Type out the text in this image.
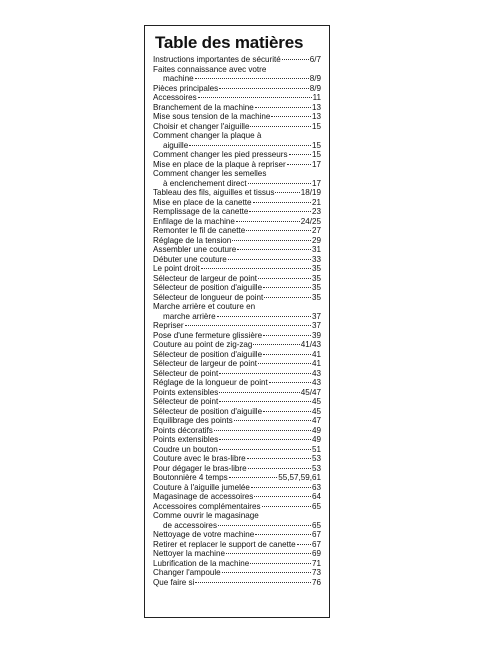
Table des matières
Instructions importantes de sécurité	6/7
Faites connaissance avec votre
machine	8/9
Pièces principales	8/9
Accessoires	11
Branchement de la machine	13
Mise sous tension de la machine	13
Choisir et changer l'aiguille	15
Comment changer la plaque à
aiguille	15
Comment changer les pied presseurs	15
Mise en place de la plaque à repriser	17
Comment changer les semelles
à enclenchement direct	17
Tableau des fils, aiguilles et tissus	18/19
Mise en place de la canette	21
Remplissage de la canette	23
Enfilage de la machine	24/25
Remonter le fil de canette	27
Réglage de la tension	29
Assembler une couture	31
Débuter une couture	33
Le point droit	35
Sélecteur de largeur de point	35
Sélecteur de position d'aiguille	35
Sélecteur de longueur de point	35
Marche arrière et couture en
marche arrière	37
Repriser	37
Pose d'une fermeture glissière	39
Couture au point de zig-zag	41/43
Sélecteur de position d'aiguille	41
Sélecteur de largeur de point	41
Sélecteur de point	43
Réglage de la longueur de point	43
Points extensibles	45/47
Sélecteur de point	45
Sélecteur de position d'aiguille	45
Equilibrage des points	47
Points décoratifs	49
Points extensibles	49
Coudre un bouton	51
Couture avec le bras-libre	53
Pour dégager le bras-libre	53
Boutonnière 4 temps	55,57,59,61
Couture à l'aiguille jumelée	63
Magasinage de accessoires	64
Accessoires complémentaires	65
Comme ouvrir le magasinage
de accessoires	65
Nettoyage de votre machine	67
Retirer et replacer le support de canette 67
Nettoyer la machine	69
Lubrification de la machine	71
Changer l'ampoule	73
Que faire si	76
